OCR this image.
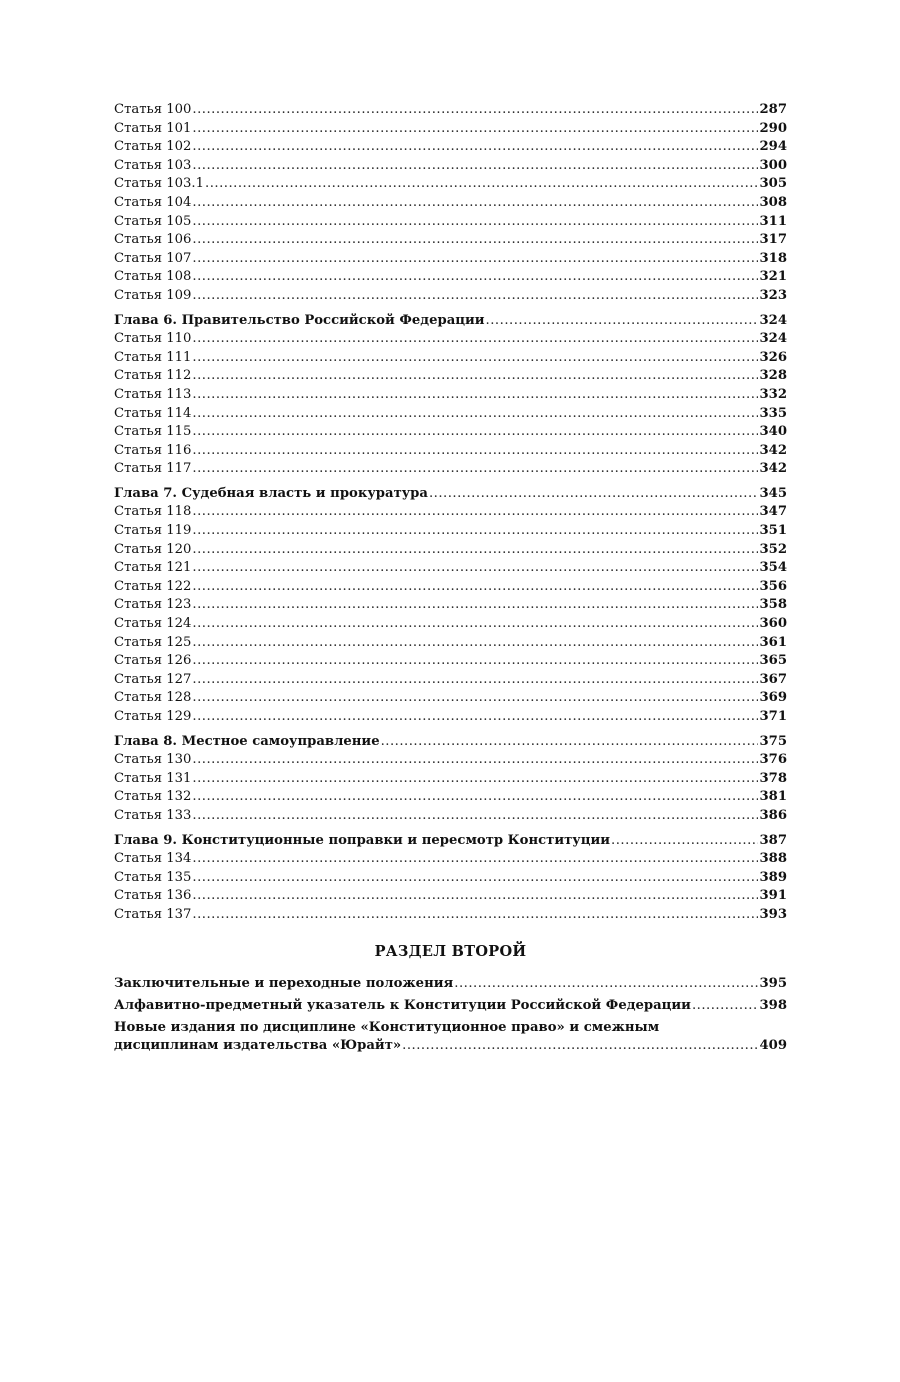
Статья 100 .....	287
Статья 101 .....	290
Статья 102 .....	294
Статья 103 .....	300
Статья 103.1 .....	305
Статья 104 .....	308
Статья 105 .....	311
Статья 106 .....	317
Статья 107 .....	318
Статья 108 .....	321
Статья 109 .....	323
Глава 6. Правительство Российской Федерации .....	324
Статья 110 .....	324
Статья 111 .....	326
Статья 112 .....	328
Статья 113 .....	332
Статья 114 .....	335
Статья 115 .....	340
Статья 116 .....	342
Статья 117 .....	342
Глава 7. Судебная власть и прокуратура .....	345
Статья 118 .....	347
Статья 119 .....	351
Статья 120 .....	352
Статья 121 .....	354
Статья 122 .....	356
Статья 123 .....	358
Статья 124 .....	360
Статья 125 .....	361
Статья 126 .....	365
Статья 127 .....	367
Статья 128 .....	369
Статья 129 .....	371
Глава 8. Местное самоуправление .....	375
Статья 130 .....	376
Статья 131 .....	378
Статья 132 .....	381
Статья 133 .....	386
Глава 9. Конституционные поправки и пересмотр Конституции .....	387
Статья 134 .....	388
Статья 135 .....	389
Статья 136 .....	391
Статья 137 .....	393
РАЗДЕЛ ВТОРОЙ
Заключительные и переходные положения .....	395
Алфавитно-предметный указатель к Конституции Российской Федерации .....	398
Новые издания по дисциплине «Конституционное право» и смежным
дисциплинам издательства «Юрайт» .....	409
